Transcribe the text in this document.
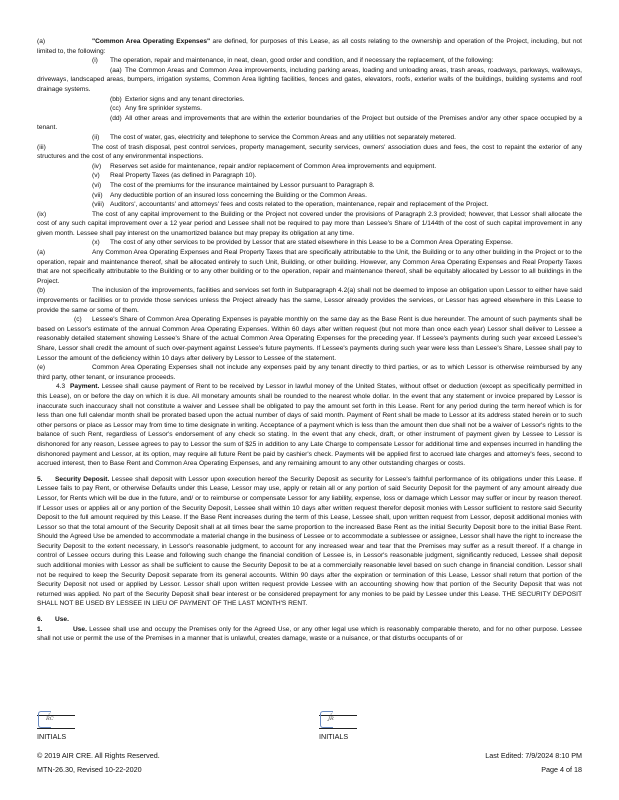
(a)	"Common Area Operating Expenses" are defined, for purposes of this Lease, as all costs relating to the ownership and operation of the Project, including, but not limited to, the following:

(i) The operation, repair and maintenance, in neat, clean, good order and condition, and if necessary the replacement, of the following:

(aa) The Common Areas and Common Area improvements, including parking areas, loading and unloading areas, trash areas, roadways, parkways, walkways, driveways, landscaped areas, bumpers, irrigation systems, Common Area lighting facilities, fences and gates, elevators, roofs, exterior walls of the buildings, building systems and roof drainage systems.

(bb) Exterior signs and any tenant directories.

(cc) Any fire sprinkler systems.

(dd) All other areas and improvements that are within the exterior boundaries of the Project but outside of the Premises and/or any other space occupied by a tenant.

(ii) The cost of water, gas, electricity and telephone to service the Common Areas and any utilities not separately metered.

(iii)	The cost of trash disposal, pest control services, property management, security services, owners' association dues and fees, the cost to repaint the exterior of any structures and the cost of any environmental inspections.

(iv) Reserves set aside for maintenance, repair and/or replacement of Common Area improvements and equipment.

(v) Real Property Taxes (as defined in Paragraph 10).

(vi) The cost of the premiums for the insurance maintained by Lessor pursuant to Paragraph 8.

(vii) Any deductible portion of an insured loss concerning the Building or the Common Areas.

(viii) Auditors', accountants' and attorneys' fees and costs related to the operation, maintenance, repair and replacement of the Project.

(ix)	The cost of any capital improvement to the Building or the Project not covered under the provisions of Paragraph 2.3 provided; however, that Lessor shall allocate the cost of any such capital improvement over a 12 year period and Lessee shall not be required to pay more than Lessee's Share of 1/144th of the cost of such capital improvement in any given month. Lessee shall pay interest on the unamortized balance but may prepay its obligation at any time.

(x) The cost of any other services to be provided by Lessor that are stated elsewhere in this Lease to be a Common Area Operating Expense.

(a)	Any Common Area Operating Expenses and Real Property Taxes that are specifically attributable to the Unit, the Building or to any other building in the Project or to the operation, repair and maintenance thereof, shall be allocated entirely to such Unit, Building, or other building. However, any Common Area Operating Expenses and Real Property Taxes that are not specifically attributable to the Building or to any other building or to the operation, repair and maintenance thereof, shall be equitably allocated by Lessor to all buildings in the Project.

(b)	The inclusion of the improvements, facilities and services set forth in Subparagraph 4.2(a) shall not be deemed to impose an obligation upon Lessor to either have said improvements or facilities or to provide those services unless the Project already has the same, Lessor already provides the services, or Lessor has agreed elsewhere in this Lease to provide the same or some of them.

(c) Lessee's Share of Common Area Operating Expenses is payable monthly on the same day as the Base Rent is due hereunder. The amount of such payments shall be based on Lessor's estimate of the annual Common Area Operating Expenses. Within 60 days after written request (but not more than once each year) Lessor shall deliver to Lessee a reasonably detailed statement showing Lessee's Share of the actual Common Area Operating Expenses for the preceding year. If Lessee's payments during such year exceed Lessee's Share, Lessor shall credit the amount of such over-payment against Lessee's future payments. If Lessee's payments during such year were less than Lessee's Share, Lessee shall pay to Lessor the amount of the deficiency within 10 days after delivery by Lessor to Lessee of the statement.

(e)	Common Area Operating Expenses shall not include any expenses paid by any tenant directly to third parties, or as to which Lessor is otherwise reimbursed by any third party, other tenant, or insurance proceeds.

4.3 Payment. Lessee shall cause payment of Rent to be received by Lessor in lawful money of the United States, without offset or deduction (except as specifically permitted in this Lease), on or before the day on which it is due. All monetary amounts shall be rounded to the nearest whole dollar. In the event that any statement or invoice prepared by Lessor is inaccurate such inaccuracy shall not constitute a waiver and Lessee shall be obligated to pay the amount set forth in this Lease. Rent for any period during the term hereof which is for less than one full calendar month shall be prorated based upon the actual number of days of said month. Payment of Rent shall be made to Lessor at its address stated herein or to such other persons or place as Lessor may from time to time designate in writing. Acceptance of a payment which is less than the amount then due shall not be a waiver of Lessor's rights to the balance of such Rent, regardless of Lessor's endorsement of any check so stating. In the event that any check, draft, or other instrument of payment given by Lessee to Lessor is dishonored for any reason, Lessee agrees to pay to Lessor the sum of $25 in addition to any Late Charge to compensate Lessor for additional time and expenses incurred in handling the dishonored payment and Lessor, at its option, may require all future Rent be paid by cashier's check. Payments will be applied first to accrued late charges and attorney's fees, second to accrued interest, then to Base Rent and Common Area Operating Expenses, and any remaining amount to any other outstanding charges or costs.

5. Security Deposit. Lessee shall deposit with Lessor upon execution hereof the Security Deposit as security for Lessee's faithful performance of its obligations under this Lease. If Lessee fails to pay Rent, or otherwise Defaults under this Lease, Lessor may use, apply or retain all or any portion of said Security Deposit for the payment of any amount already due Lessor, for Rents which will be due in the future, and/ or to reimburse or compensate Lessor for any liability, expense, loss or damage which Lessor may suffer or incur by reason thereof. If Lessor uses or applies all or any portion of the Security Deposit, Lessee shall within 10 days after written request therefor deposit monies with Lessor sufficient to restore said Security Deposit to the full amount required by this Lease. If the Base Rent increases during the term of this Lease, Lessee shall, upon written request from Lessor, deposit additional monies with Lessor so that the total amount of the Security Deposit shall at all times bear the same proportion to the increased Base Rent as the initial Security Deposit bore to the initial Base Rent. Should the Agreed Use be amended to accommodate a material change in the business of Lessee or to accommodate a sublessee or assignee, Lessor shall have the right to increase the Security Deposit to the extent necessary, in Lessor's reasonable judgment, to account for any increased wear and tear that the Premises may suffer as a result thereof. If a change in control of Lessee occurs during this Lease and following such change the financial condition of Lessee is, in Lessor's reasonable judgment, significantly reduced, Lessee shall deposit such additional monies with Lessor as shall be sufficient to cause the Security Deposit to be at a commercially reasonable level based on such change in financial condition. Lessor shall not be required to keep the Security Deposit separate from its general accounts. Within 90 days after the expiration or termination of this Lease, Lessor shall return that portion of the Security Deposit not used or applied by Lessor. Lessor shall upon written request provide Lessee with an accounting showing how that portion of the Security Deposit that was not returned was applied. No part of the Security Deposit shall bear interest or be considered prepayment for any monies to be paid by Lessee under this Lease. THE SECURITY DEPOSIT SHALL NOT BE USED BY LESSEE IN LIEU OF PAYMENT OF THE LAST MONTH'S RENT.

6. Use.

1.	Use. Lessee shall use and occupy the Premises only for the Agreed Use, or any other legal use which is reasonably comparable thereto, and for no other purpose. Lessee shall not use or permit the use of the Premises in a manner that is unlawful, creates damage, waste or a nuisance, or that disturbs occupants of or

✓
RC
INITIALS
✓
JR
INITIALS
© 2019 AIR CRE. All Rights Reserved.
MTN-26.30, Revised 10-22-2020
Last Edited: 7/9/2024 8:10 PM
Page 4 of 18
